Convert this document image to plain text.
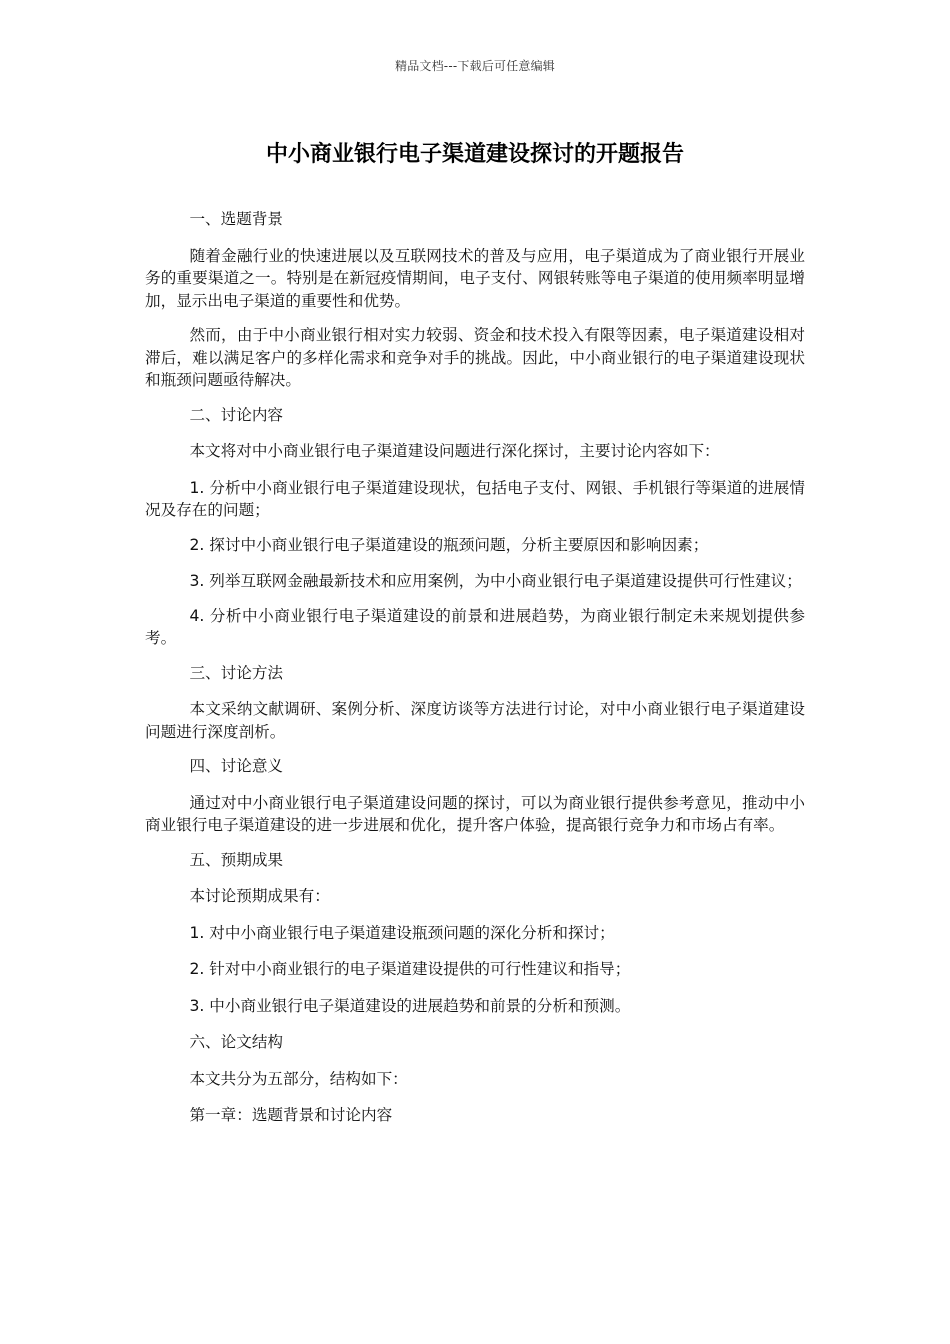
精品文档---下载后可任意编辑
中小商业银行电子渠道建设探讨的开题报告

一、选题背景

随着金融行业的快速进展以及互联网技术的普及与应用，电子渠道成为了商业银行开展业务的重要渠道之一。特别是在新冠疫情期间，电子支付、网银转账等电子渠道的使用频率明显增加，显示出电子渠道的重要性和优势。

然而，由于中小商业银行相对实力较弱、资金和技术投入有限等因素，电子渠道建设相对滞后，难以满足客户的多样化需求和竞争对手的挑战。因此，中小商业银行的电子渠道建设现状和瓶颈问题亟待解决。

二、讨论内容

本文将对中小商业银行电子渠道建设问题进行深化探讨，主要讨论内容如下：

1. 分析中小商业银行电子渠道建设现状，包括电子支付、网银、手机银行等渠道的进展情况及存在的问题；

2. 探讨中小商业银行电子渠道建设的瓶颈问题，分析主要原因和影响因素；

3. 列举互联网金融最新技术和应用案例，为中小商业银行电子渠道建设提供可行性建议；

4. 分析中小商业银行电子渠道建设的前景和进展趋势，为商业银行制定未来规划提供参考。

三、讨论方法

本文采纳文献调研、案例分析、深度访谈等方法进行讨论，对中小商业银行电子渠道建设问题进行深度剖析。

四、讨论意义

通过对中小商业银行电子渠道建设问题的探讨，可以为商业银行提供参考意见，推动中小商业银行电子渠道建设的进一步进展和优化，提升客户体验，提高银行竞争力和市场占有率。

五、预期成果

本讨论预期成果有：

1. 对中小商业银行电子渠道建设瓶颈问题的深化分析和探讨；

2. 针对中小商业银行的电子渠道建设提供的可行性建议和指导；

3. 中小商业银行电子渠道建设的进展趋势和前景的分析和预测。

六、论文结构

本文共分为五部分，结构如下：

第一章：选题背景和讨论内容
